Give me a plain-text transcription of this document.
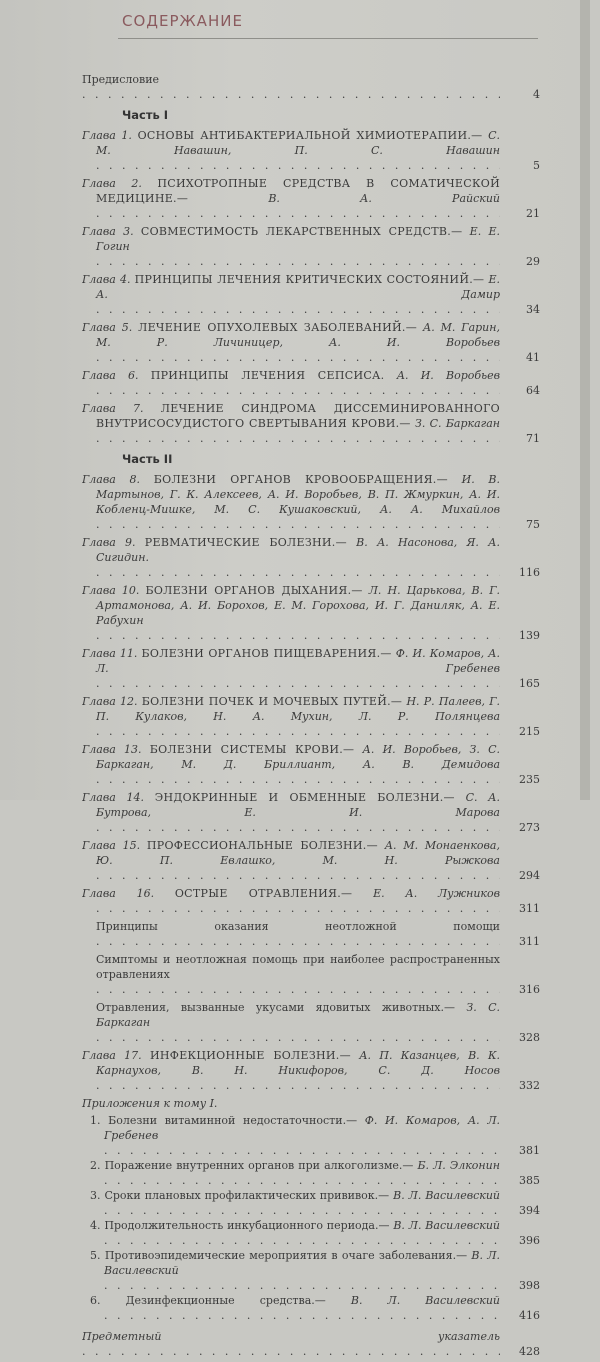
СОДЕРЖАНИЕ
Предисловие . . .
4
Часть I
Глава 1. ОСНОВЫ АНТИБАКТЕРИАЛЬНОЙ ХИМИОТЕРАПИИ.— С. М. Навашин, П. С. Навашин . . .
5
Глава 2. ПСИХОТРОПНЫЕ СРЕДСТВА В СОМАТИЧЕСКОЙ МЕДИЦИНЕ.—	В. А. Райский . . .
21
Глава 3. СОВМЕСТИМОСТЬ ЛЕКАРСТВЕННЫХ СРЕДСТВ.— Е. Е. Гогин . . .
29
Глава 4. ПРИНЦИПЫ ЛЕЧЕНИЯ КРИТИЧЕСКИХ СОСТОЯНИЙ.— Е. А. Дамир . . .
34
Глава 5. ЛЕЧЕНИЕ ОПУХОЛЕВЫХ ЗАБОЛЕВАНИЙ.— А. М. Гарин, М. Р. Личиницер, А. И. Воробьев . . .
41
Глава 6. ПРИНЦИПЫ ЛЕЧЕНИЯ СЕПСИСА. А. И. Воробьев . . .
64
Глава 7. ЛЕЧЕНИЕ СИНДРОМА ДИССЕМИНИРОВАННОГО ВНУТРИСОСУДИСТОГО СВЕРТЫВАНИЯ КРОВИ.— З. С. Баркаган . . .
71
Часть II
Глава 8. БОЛЕЗНИ ОРГАНОВ КРОВООБРАЩЕНИЯ.— И. В. Мартынов, Г. К. Алексеев, А. И. Воробьев, В. П. Жмуркин, А. И. Кобленц-Мишке, М. С. Кушаковский, А. А. Михайлов . . .
75
Глава 9. РЕВМАТИЧЕСКИЕ БОЛЕЗНИ.— В. А. Насонова, Я. А. Сигидин. . . .
116
Глава 10. БОЛЕЗНИ ОРГАНОВ ДЫХАНИЯ.— Л. Н. Царькова, В. Г. Артамонова, А. И. Борохов, Е. М. Горохова, И. Г. Даниляк, А. Е. Рабухин . . .
139
Глава 11. БОЛЕЗНИ ОРГАНОВ ПИЩЕВАРЕНИЯ.— Ф. И. Комаров, А. Л. Гребенев . . .
165
Глава 12. БОЛЕЗНИ ПОЧЕК И МОЧЕВЫХ ПУТЕЙ.— Н. Р. Палеев, Г. П. Кулаков, Н. А. Мухин, Л. Р. Полянцева . . .
215
Глава 13. БОЛЕЗНИ СИСТЕМЫ КРОВИ.— А. И. Воробьев, З. С. Баркаган, М. Д. Бриллиант, А. В. Демидова . . .
235
Глава 14. ЭНДОКРИННЫЕ И ОБМЕННЫЕ БОЛЕЗНИ.— С. А. Бутрова, Е. И. Марова . . .
273
Глава 15. ПРОФЕССИОНАЛЬНЫЕ БОЛЕЗНИ.— А. М. Монаенкова, Ю. П. Евлашко, М. Н. Рыжкова . . .
294
Глава 16. ОСТРЫЕ ОТРАВЛЕНИЯ.— Е. А. Лужников . . .
311
Принципы оказания неотложной помощи . . .
311
Симптомы и неотложная помощь при наиболее распространенных отравлениях . . .
316
Отравления, вызванные укусами ядовитых животных.— З. С. Баркаган . . .
328
Глава 17. ИНФЕКЦИОННЫЕ БОЛЕЗНИ.— А. П. Казанцев, В. К. Карнаухов, В. Н. Никифоров, С. Д. Носов . . .
332
Приложения к тому I.
1. Болезни витаминной недостаточности.— Ф. И. Комаров, А. Л. Гребенев . . .
381
2. Поражение внутренних органов при алкоголизме.— Б. Л. Элконин . . .
385
3. Сроки плановых профилактических прививок.— В. Л. Василевский . . .
394
4. Продолжительность инкубационного периода.— В. Л. Василевский . . .
396
5. Противоэпидемические мероприятия в очаге заболевания.— В. Л. Василевский . . .
398
6. Дезинфекционные средства.— В. Л. Василевский . . .
416
Предметный указатель . . .
428
